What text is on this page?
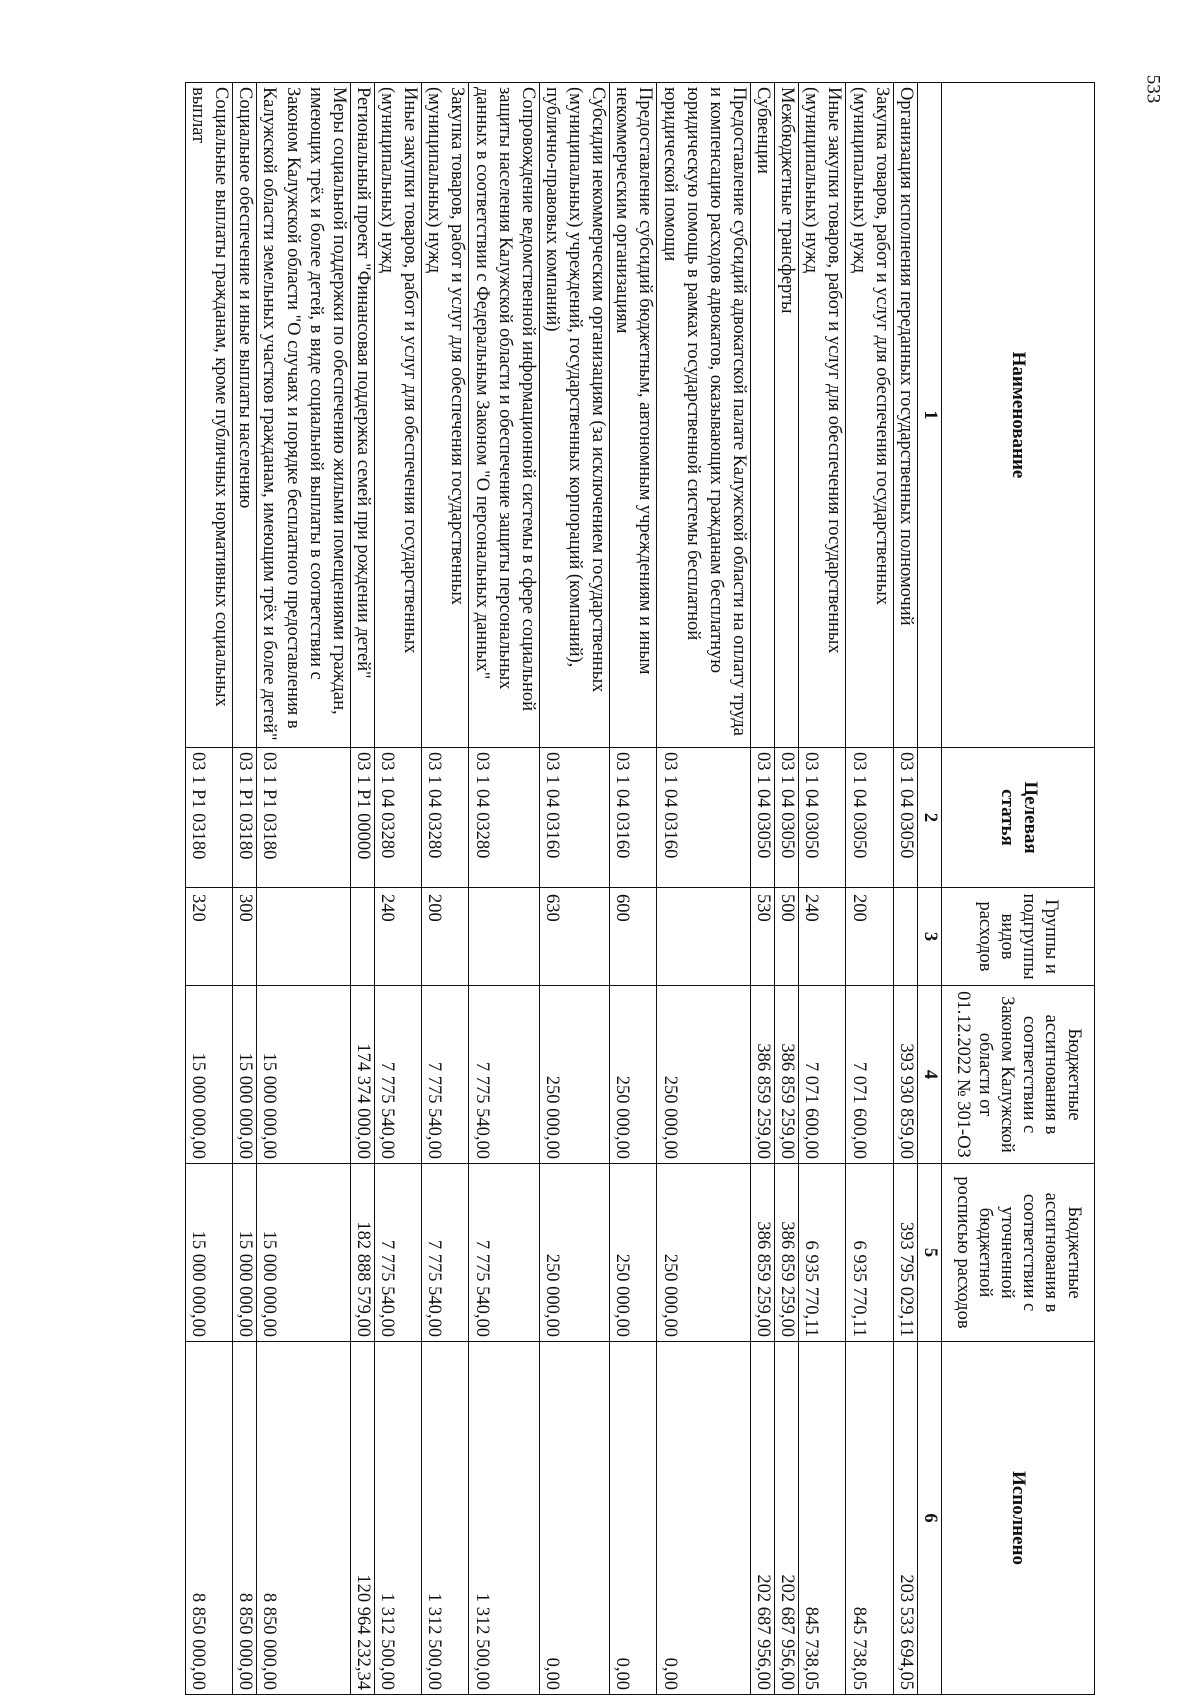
533
Наименование	Целевая статья	Группы и подгруппы видов расходов	Бюджетные ассигнования в соответствии с Законом Калужской области от 01.12.2022 № 301-ОЗ	Бюджетные ассигнования в соответствии с уточненной бюджетной росписью расходов	Исполнено
1	2	3	4	5	6
Организация исполнения переданных государственных полномочий	03 1 04 03050		393 930 859,00	393 795 029,11	203 533 694,05
Закупка товаров, работ и услуг для обеспечения государственных (муниципальных) нужд	03 1 04 03050	200	7 071 600,00	6 935 770,11	845 738,05
Иные закупки товаров, работ и услуг для обеспечения государственных (муниципальных) нужд	03 1 04 03050	240	7 071 600,00	6 935 770,11	845 738,05
Межбюджетные трансферты	03 1 04 03050	500	386 859 259,00	386 859 259,00	202 687 956,00
Субвенции	03 1 04 03050	530	386 859 259,00	386 859 259,00	202 687 956,00
Предоставление субсидий адвокатской палате Калужской области на оплату труда и компенсацию расходов адвокатов, оказывающих гражданам бесплатную юридическую помощь в рамках государственной системы бесплатной юридической помощи	03 1 04 03160		250 000,00	250 000,00	0,00
Предоставление субсидий бюджетным, автономным учреждениям и иным некоммерческим организациям	03 1 04 03160	600	250 000,00	250 000,00	0,00
Субсидии некоммерческим организациям (за исключением государственных (муниципальных) учреждений, государственных корпораций (компаний), публично-правовых компаний)	03 1 04 03160	630	250 000,00	250 000,00	0,00
Сопровождение ведомственной информационной системы в сфере социальной защиты населения Калужской области и обеспечение защиты персональных данных в соответствии с Федеральным Законом "О персональных данных"	03 1 04 03280		7 775 540,00	7 775 540,00	1 312 500,00
Закупка товаров, работ и услуг для обеспечения государственных (муниципальных) нужд	03 1 04 03280	200	7 775 540,00	7 775 540,00	1 312 500,00
Иные закупки товаров, работ и услуг для обеспечения государственных (муниципальных) нужд	03 1 04 03280	240	7 775 540,00	7 775 540,00	1 312 500,00
Региональный проект "Финансовая поддержка семей при рождении детей"	03 1 P1 00000		174 374 000,00	182 888 579,00	120 964 232,34
Меры социальной поддержки по обеспечению жилыми помещениями граждан, имеющих трёх и более детей, в виде социальной выплаты в соответствии с Законом Калужской области "О случаях и порядке бесплатного предоставления в Калужской области земельных участков гражданам, имеющим трёх и более детей"	03 1 P1 03180		15 000 000,00	15 000 000,00	8 850 000,00
Социальное обеспечение и иные выплаты населению	03 1 P1 03180	300	15 000 000,00	15 000 000,00	8 850 000,00
Социальные выплаты гражданам, кроме публичных нормативных социальных выплат	03 1 P1 03180	320	15 000 000,00	15 000 000,00	8 850 000,00
